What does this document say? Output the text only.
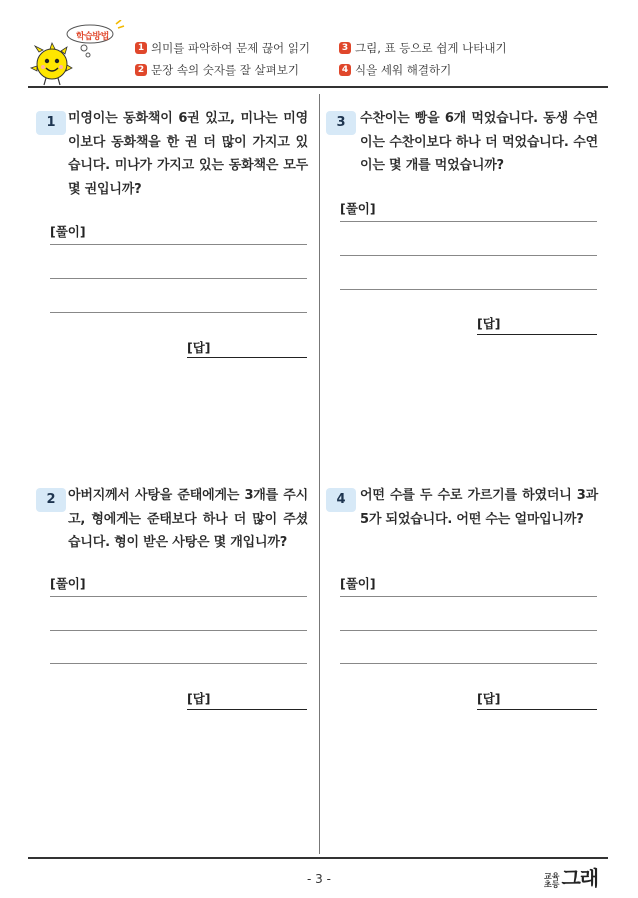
학습방법
1 의미를 파악하여 문제 끊어 읽기
2 문장 속의 숫자를 잘 살펴보기
3 그림, 표 등으로 쉽게 나타내기
4 식을 세워 해결하기
1 미영이는 동화책이 6권 있고, 미나는 미영이보다 동화책을 한 권 더 많이 가지고 있습니다. 미나가 가지고 있는 동화책은 모두 몇 권입니까?
[풀이]
[답]
3	수찬이는 빵을 6개 먹었습니다. 동생 수연이는 수찬이보다 하나 더 먹었습니다. 수연이는 몇 개를 먹었습니까?
[풀이]
[답]
2 아버지께서 사탕을 준태에게는 3개를 주시고, 형에게는 준태보다 하나 더 많이 주셨습니다. 형이 받은 사탕은 몇 개입니까?
[풀이]
[답]
4	어떤 수를 두 수로 가르기를 하였더니 3과 5가 되었습니다. 어떤 수는 얼마입니까?
[풀이]
[답]
- 3 -	교육
초등 그래
